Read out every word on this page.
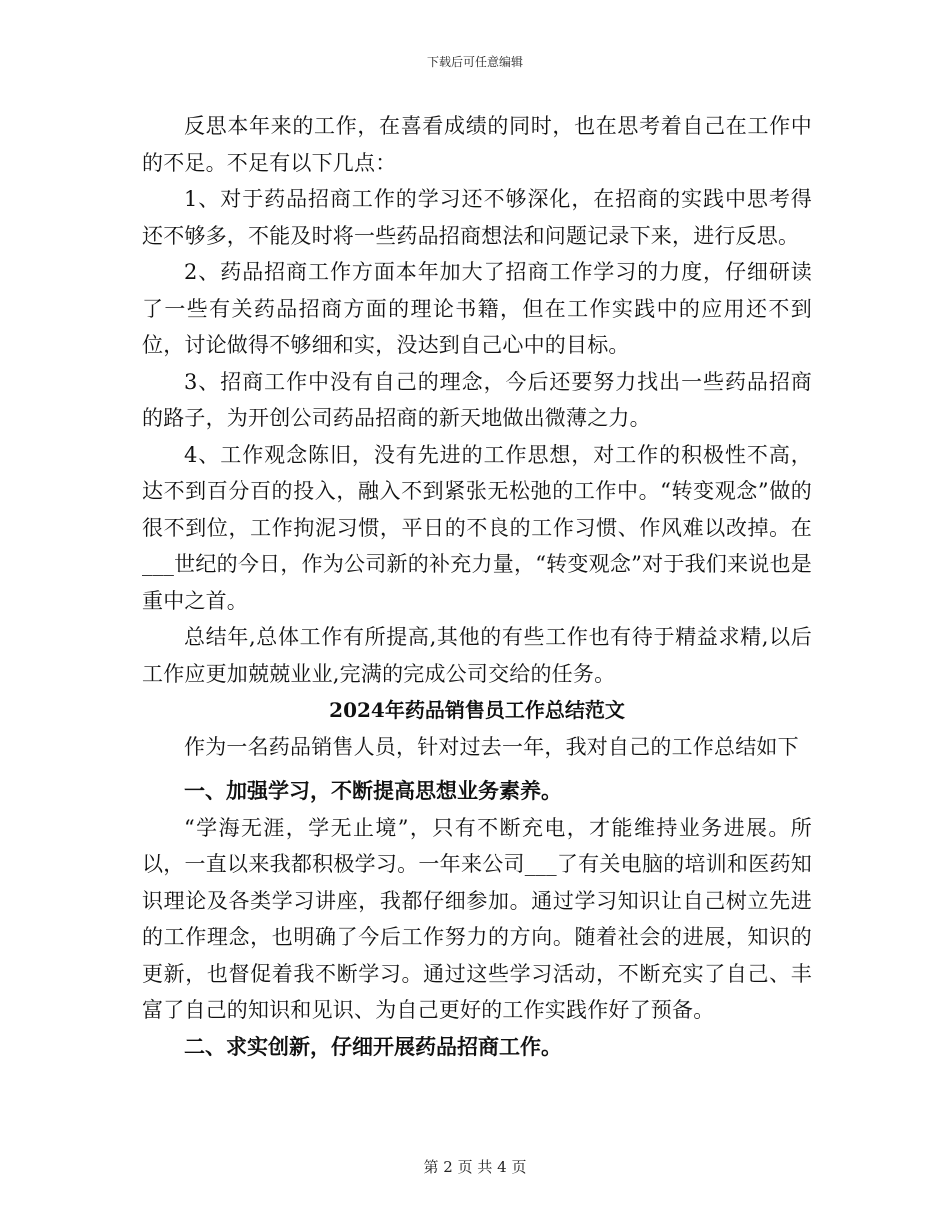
下载后可任意编辑

反思本年来的工作，在喜看成绩的同时，也在思考着自己在工作中的不足。不足有以下几点：

1、对于药品招商工作的学习还不够深化，在招商的实践中思考得还不够多，不能及时将一些药品招商想法和问题记录下来，进行反思。

2、药品招商工作方面本年加大了招商工作学习的力度，仔细研读了一些有关药品招商方面的理论书籍，但在工作实践中的应用还不到位，讨论做得不够细和实，没达到自己心中的目标。

3、招商工作中没有自己的理念，今后还要努力找出一些药品招商的路子，为开创公司药品招商的新天地做出微薄之力。

4、工作观念陈旧，没有先进的工作思想，对工作的积极性不高，达不到百分百的投入，融入不到紧张无松弛的工作中。“转变观念”做的很不到位，工作拘泥习惯，平日的不良的工作习惯、作风难以改掉。在___世纪的今日，作为公司新的补充力量，“转变观念”对于我们来说也是重中之首。

总结年,总体工作有所提高,其他的有些工作也有待于精益求精,以后工作应更加兢兢业业,完满的完成公司交给的任务。

2024年药品销售员工作总结范文

作为一名药品销售人员，针对过去一年，我对自己的工作总结如下

一、加强学习，不断提高思想业务素养。

“学海无涯，学无止境”，只有不断充电，才能维持业务进展。所以，一直以来我都积极学习。一年来公司___了有关电脑的培训和医药知识理论及各类学习讲座，我都仔细参加。通过学习知识让自己树立先进的工作理念，也明确了今后工作努力的方向。随着社会的进展，知识的更新，也督促着我不断学习。通过这些学习活动，不断充实了自己、丰富了自己的知识和见识、为自己更好的工作实践作好了预备。

二、求实创新，仔细开展药品招商工作。

第 2 页 共 4 页
